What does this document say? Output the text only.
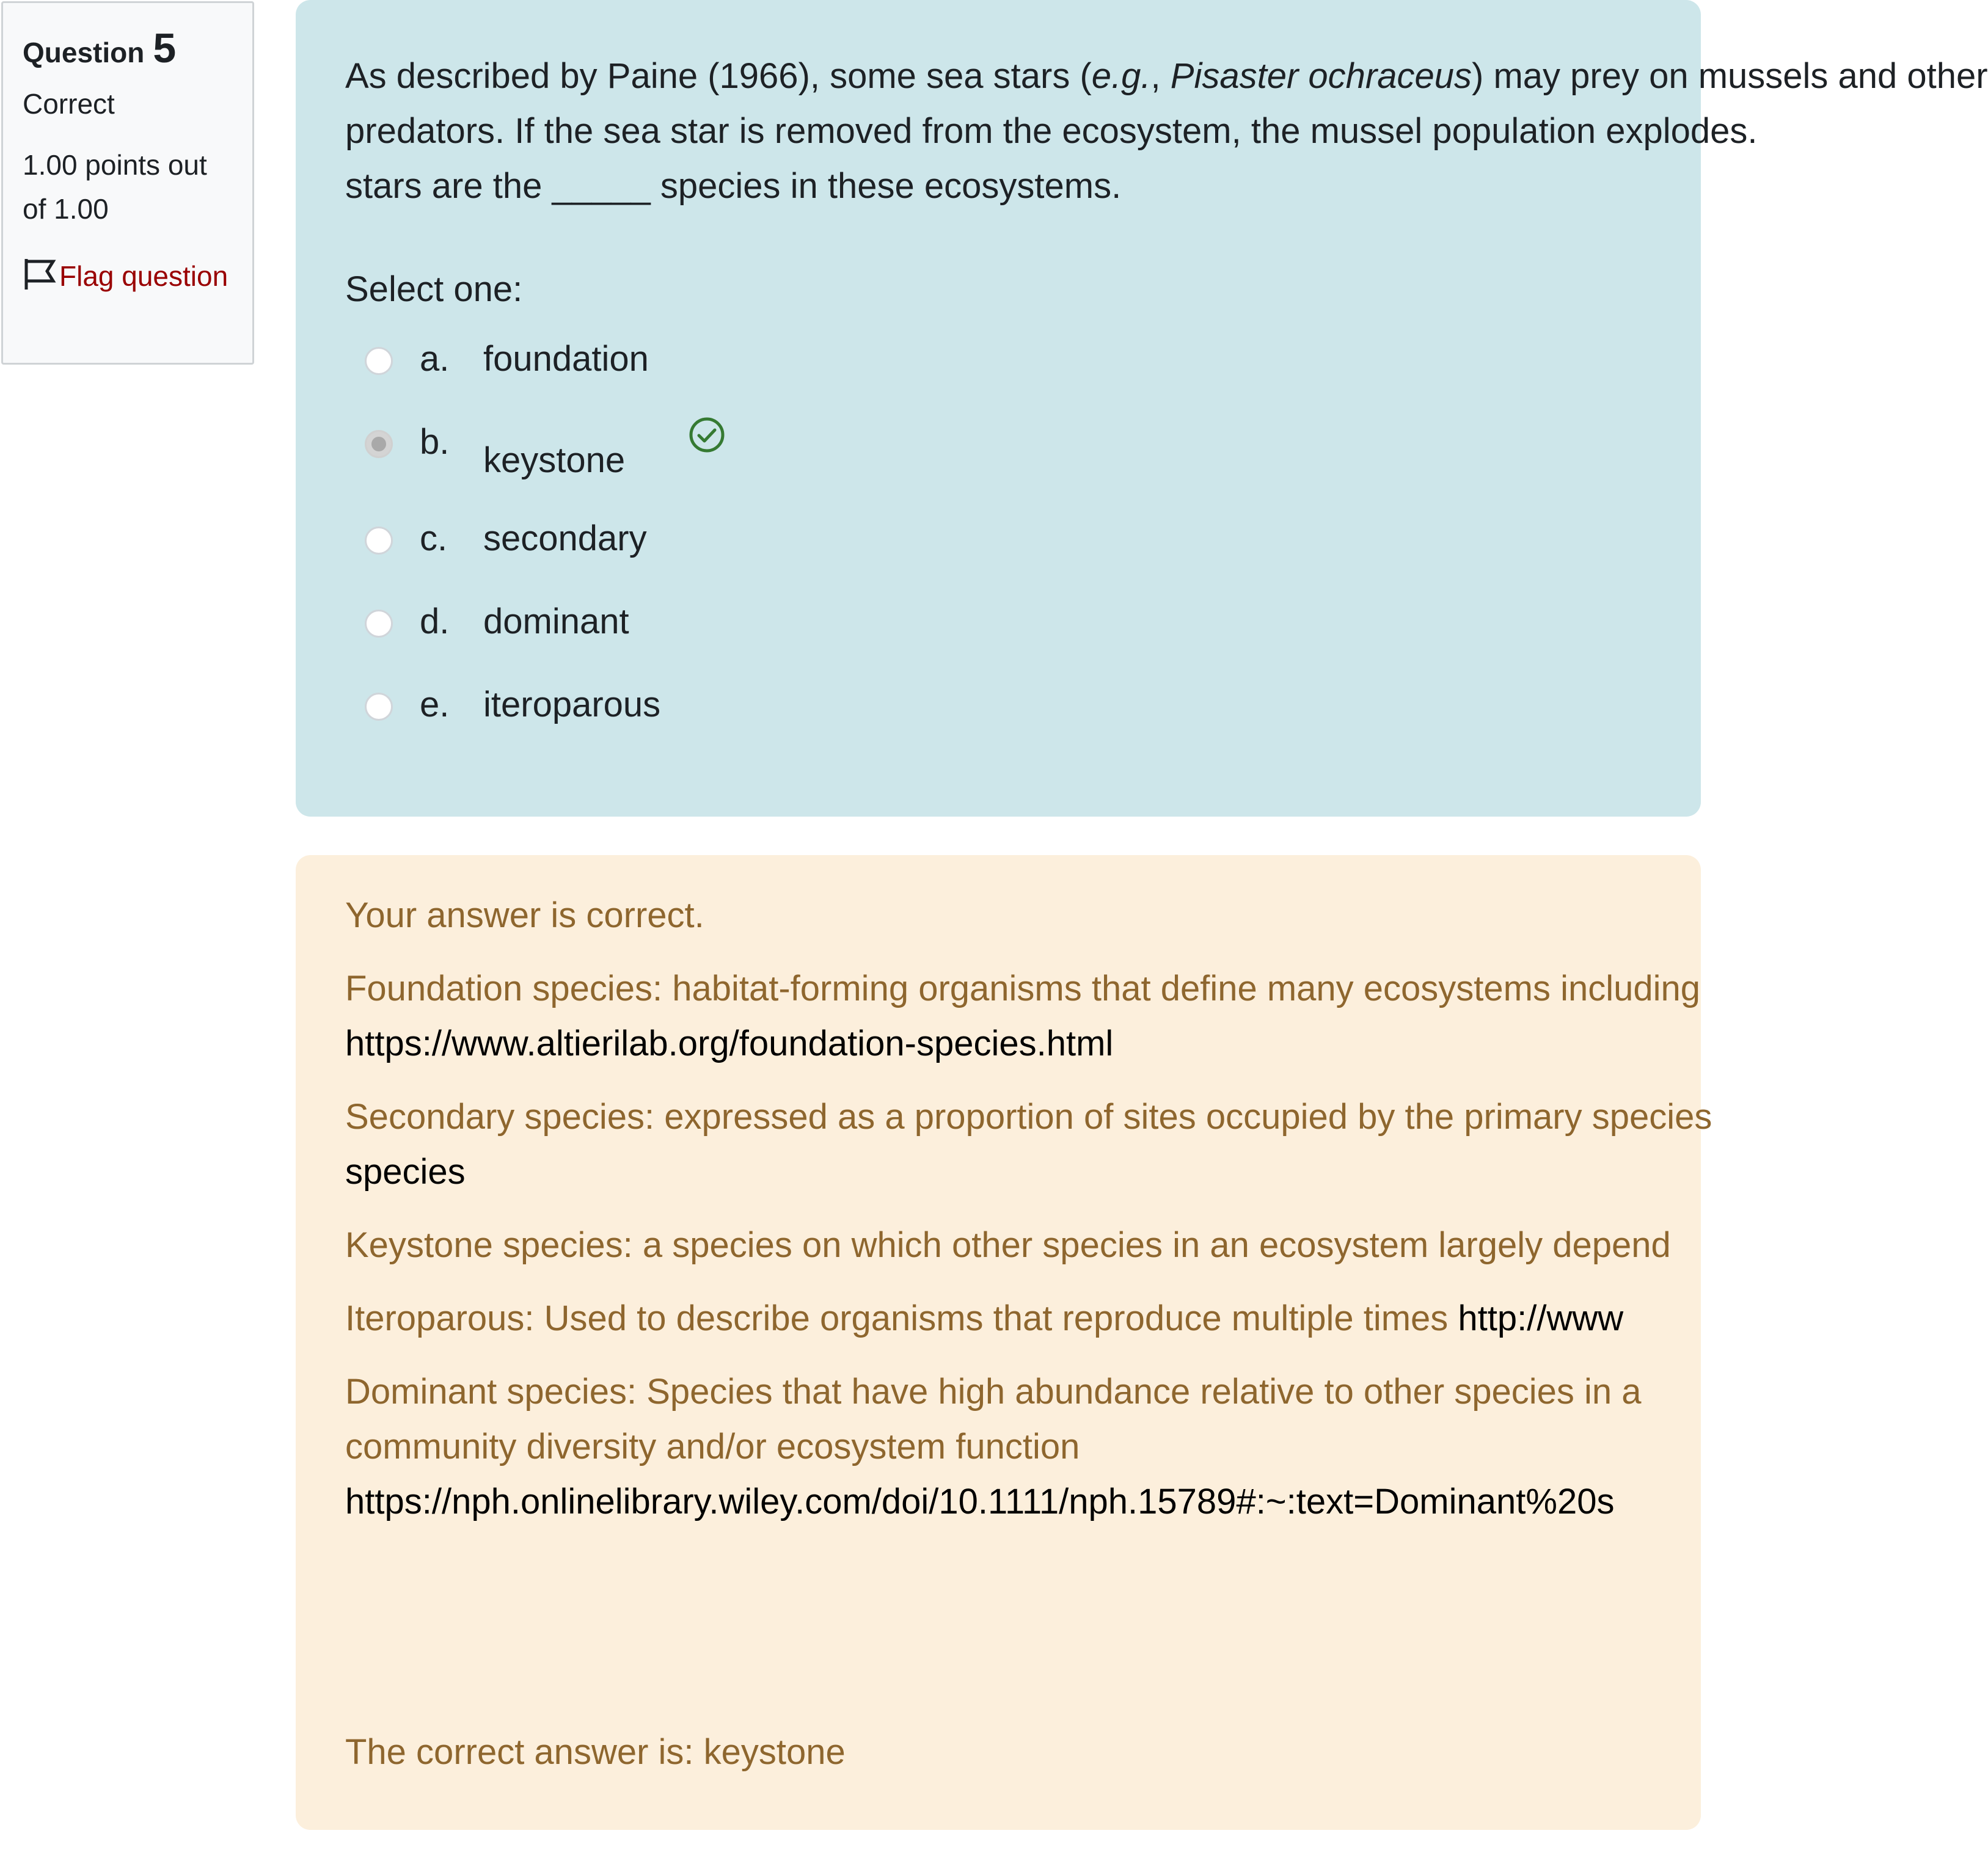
Question 5
Correct
1.00 points out of 1.00
Flag question

As described by Paine (1966), some sea stars (e.g., Pisaster ochraceus) may prey on mussels and other
predators. If the sea star is removed from the ecosystem, the mussel population explodes.
stars are the _____ species in these ecosystems.

Select one:
a. foundation
b. keystone
c. secondary
d. dominant
e. iteroparous

Your answer is correct.

Foundation species: habitat-forming organisms that define many ecosystems including
https://www.altierilab.org/foundation-species.html

Secondary species: expressed as a proportion of sites occupied by the primary species
species

Keystone species: a species on which other species in an ecosystem largely depend

Iteroparous: Used to describe organisms that reproduce multiple times http://www

Dominant species: Species that have high abundance relative to other species in a
community diversity and/or ecosystem function
https://nph.onlinelibrary.wiley.com/doi/10.1111/nph.15789#:~:text=Dominant%20s

The correct answer is: keystone
